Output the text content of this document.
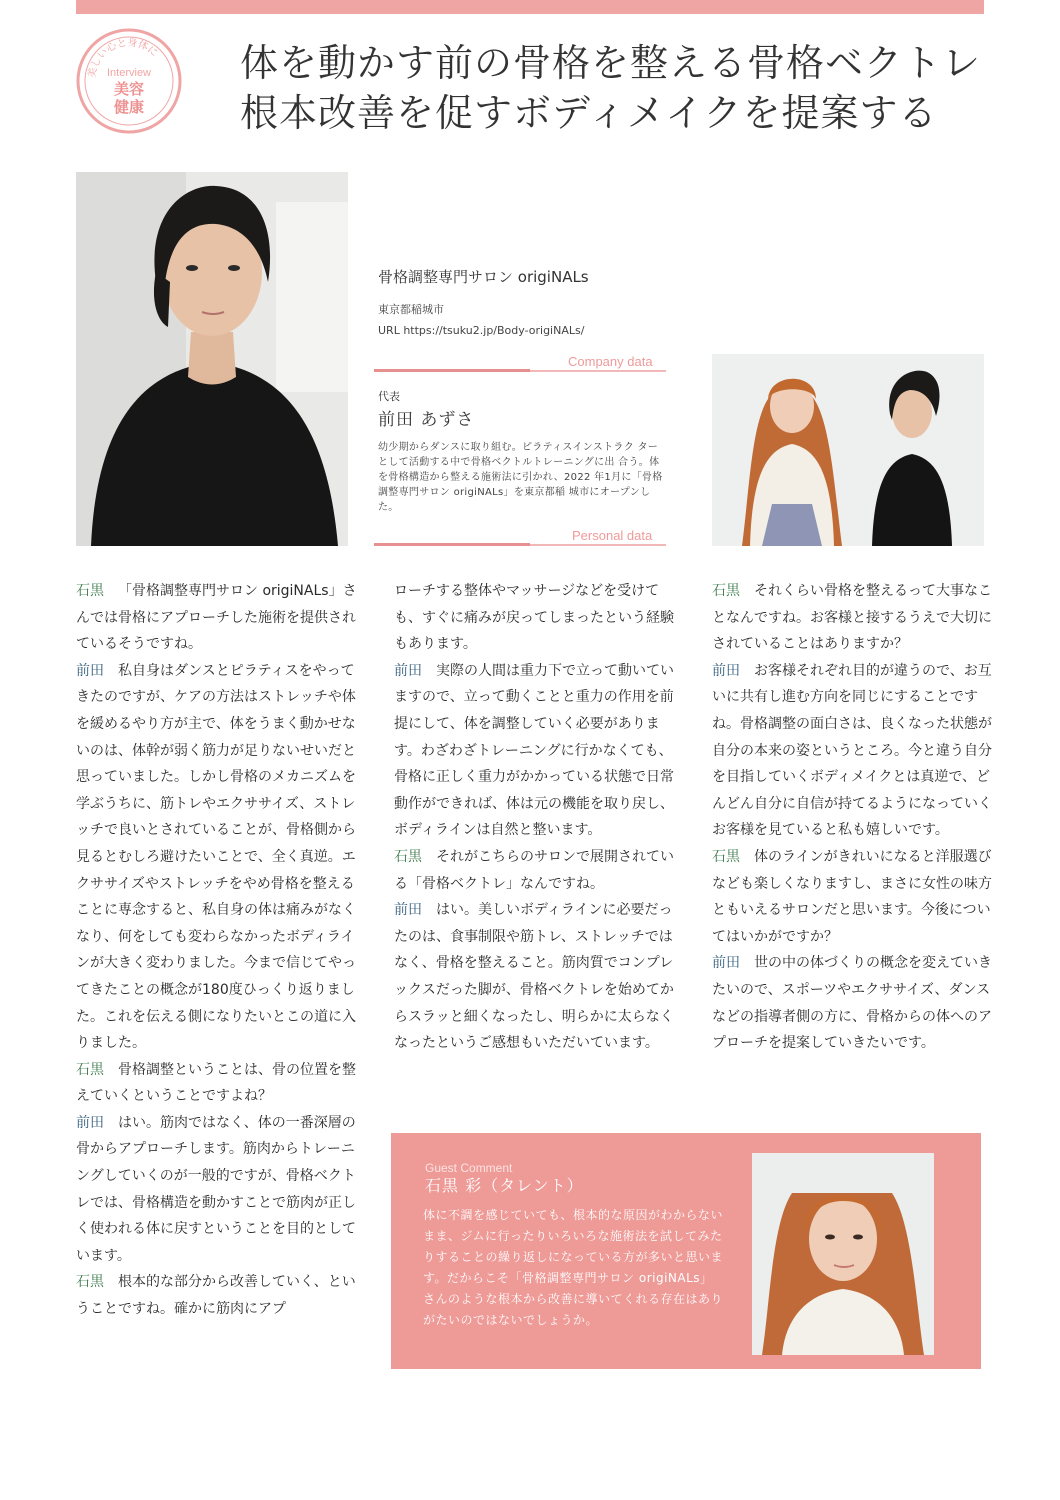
美しい心と身体に
Interview
美容
健康
体を動かす前の骨格を整える骨格ベクトレ
根本改善を促すボディメイクを提案する
骨格調整専門サロン origiNALs
東京都稲城市
URL https://tsuku2.jp/Body-origiNALs/
Company data
代表
前田 あずさ
幼少期からダンスに取り組む。ピラティスインストラク ターとして活動する中で骨格ベクトルトレーニングに出 合う。体を骨格構造から整える施術法に引かれ、2022 年1月に「骨格調整専門サロン origiNALs」を東京都稲 城市にオープンした。
Personal data

石黒 「骨格調整専門サロン origiNALs」さんでは骨格にアプローチした施術を提供されているそうですね。

前田 私自身はダンスとピラティスをやってきたのですが、ケアの方法はストレッチや体を緩めるやり方が主で、体をうまく動かせないのは、体幹が弱く筋力が足りないせいだと思っていました。しかし骨格のメカニズムを学ぶうちに、筋トレやエクササイズ、ストレッチで良いとされていることが、骨格側から見るとむしろ避けたいことで、全く真逆。エクササイズやストレッチをやめ骨格を整えることに専念すると、私自身の体は痛みがなくなり、何をしても変わらなかったボディラインが大きく変わりました。今まで信じてやってきたことの概念が180度ひっくり返りました。これを伝える側になりたいとこの道に入りました。

石黒 骨格調整ということは、骨の位置を整えていくということですよね？

前田 はい。筋肉ではなく、体の一番深層の骨からアプローチします。筋肉からトレーニングしていくのが一般的ですが、骨格ベクトレでは、骨格構造を動かすことで筋肉が正しく使われる体に戻すということを目的としています。

石黒 根本的な部分から改善していく、ということですね。確かに筋肉にアプ

ローチする整体やマッサージなどを受けても、すぐに痛みが戻ってしまったという経験もあります。

前田 実際の人間は重力下で立って動いていますので、立って動くことと重力の作用を前提にして、体を調整していく必要があります。わざわざトレーニングに行かなくても、骨格に正しく重力がかかっている状態で日常動作ができれば、体は元の機能を取り戻し、ボディラインは自然と整います。

石黒 それがこちらのサロンで展開されている「骨格ベクトレ」なんですね。

前田 はい。美しいボディラインに必要だったのは、食事制限や筋トレ、ストレッチではなく、骨格を整えること。筋肉質でコンプレックスだった脚が、骨格ベクトレを始めてからスラッと細くなったし、明らかに太らなくなったというご感想もいただいています。

石黒 それくらい骨格を整えるって大事なことなんですね。お客様と接するうえで大切にされていることはありますか？

前田 お客様それぞれ目的が違うので、お互いに共有し進む方向を同じにすることですね。骨格調整の面白さは、良くなった状態が自分の本来の姿というところ。今と違う自分を目指していくボディメイクとは真逆で、どんどん自分に自信が持てるようになっていくお客様を見ていると私も嬉しいです。

石黒 体のラインがきれいになると洋服選びなども楽しくなりますし、まさに女性の味方ともいえるサロンだと思います。今後についてはいかがですか？

前田 世の中の体づくりの概念を変えていきたいので、スポーツやエクササイズ、ダンスなどの指導者側の方に、骨格からの体へのアプローチを提案していきたいです。

Guest Comment
石黒 彩（タレント）
体に不調を感じていても、根本的な原因がわからないまま、ジムに行ったりいろいろな施術法を試してみたりすることの繰り返しになっている方が多いと思います。だからこそ「骨格調整専門サロン origiNALs」さんのような根本から改善に導いてくれる存在はありがたいのではないでしょうか。
